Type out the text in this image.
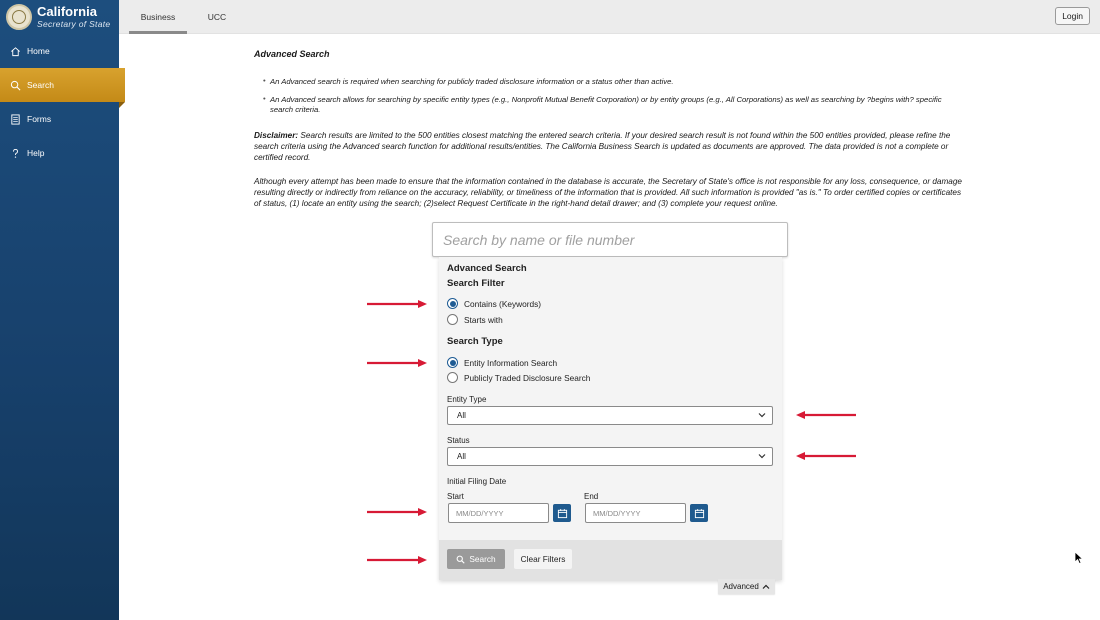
California
Secretary of State
Home
Search
Forms
Help
Business	UCC	Login
Advanced Search
• An Advanced search is required when searching for publicly traded disclosure information or a status other than active.
• An Advanced search allows for searching by specific entity types (e.g., Nonprofit Mutual Benefit Corporation) or by entity groups (e.g., All Corporations) as well as searching by ?begins with? specific search criteria.
Disclaimer: Search results are limited to the 500 entities closest matching the entered search criteria. If your desired search result is not found within the 500 entities provided, please refine the search criteria using the Advanced search function for additional results/entities. The California Business Search is updated as documents are approved. The data provided is not a complete or certified record.
Although every attempt has been made to ensure that the information contained in the database is accurate, the Secretary of State's office is not responsible for any loss, consequence, or damage resulting directly or indirectly from reliance on the accuracy, reliability, or timeliness of the information that is provided. All such information is provided "as is." To order certified copies or certificates of status, (1) locate an entity using the search; (2)select Request Certificate in the right-hand detail drawer; and (3) complete your request online.
Search by name or file number
Advanced Search
Search Filter
Contains (Keywords)
Starts with
Search Type
Entity Information Search
Publicly Traded Disclosure Search
Entity Type
All
Status
All
Initial Filing Date
Start	End
MM/DD/YYYY	MM/DD/YYYY
Search	Clear Filters
Advanced
